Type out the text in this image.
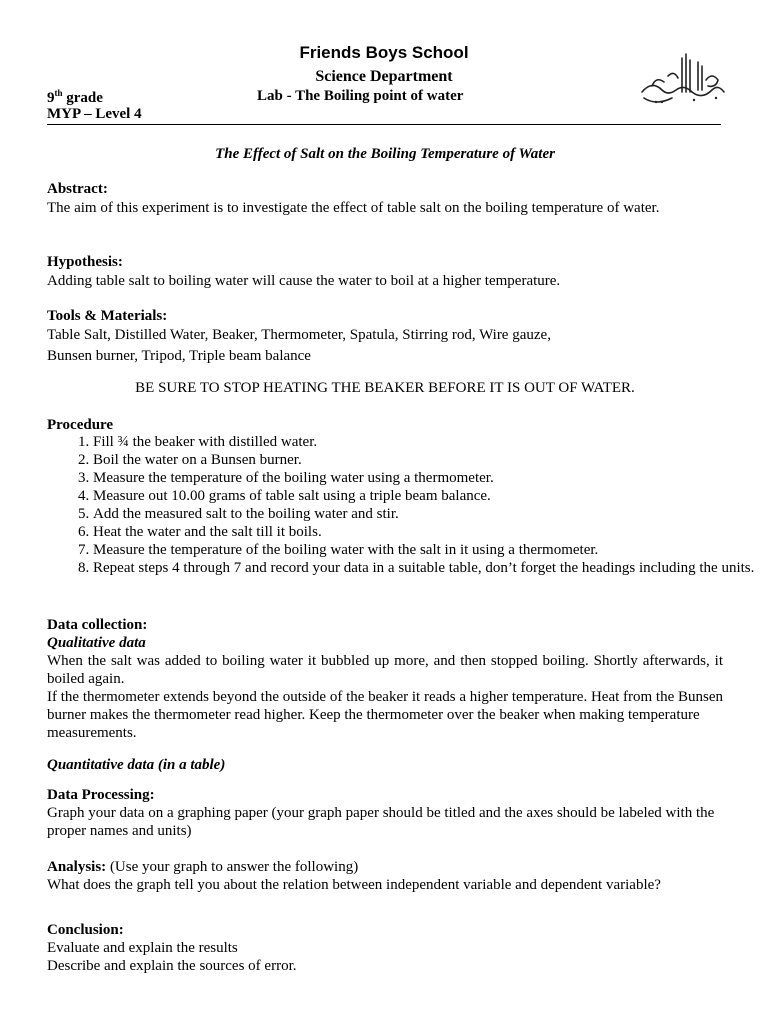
Friends Boys School
Science Department
9th grade	Lab - The Boiling point of water
MYP – Level 4
The Effect of Salt on the Boiling Temperature of Water
Abstract:
The aim of this experiment is to investigate the effect of table salt on the boiling temperature of water.
Hypothesis:
Adding table salt to boiling water will cause the water to boil at a higher temperature.
Tools & Materials:
Table Salt, Distilled Water, Beaker, Thermometer, Spatula, Stirring rod, Wire gauze,
Bunsen burner, Tripod, Triple beam balance
BE SURE TO STOP HEATING THE BEAKER BEFORE IT IS OUT OF WATER.
Procedure
1. Fill ¾ the beaker with distilled water.
2. Boil the water on a Bunsen burner.
3. Measure the temperature of the boiling water using a thermometer.
4. Measure out 10.00 grams of table salt using a triple beam balance.
5. Add the measured salt to the boiling water and stir.
6. Heat the water and the salt till it boils.
7. Measure the temperature of the boiling water with the salt in it using a thermometer.
8. Repeat steps 4 through 7 and record your data in a suitable table, don’t forget the headings including the units.
Data collection:
Qualitative data
When the salt was added to boiling water it bubbled up more, and then stopped boiling. Shortly afterwards, it boiled again.
If the thermometer extends beyond the outside of the beaker it reads a higher temperature. Heat from the Bunsen burner makes the thermometer read higher. Keep the thermometer over the beaker when making temperature measurements.
Quantitative data (in a table)
Data Processing:
Graph your data on a graphing paper (your graph paper should be titled and the axes should be labeled with the proper names and units)
Analysis: (Use your graph to answer the following)
What does the graph tell you about the relation between independent variable and dependent variable?
Conclusion:
Evaluate and explain the results
Describe and explain the sources of error.
